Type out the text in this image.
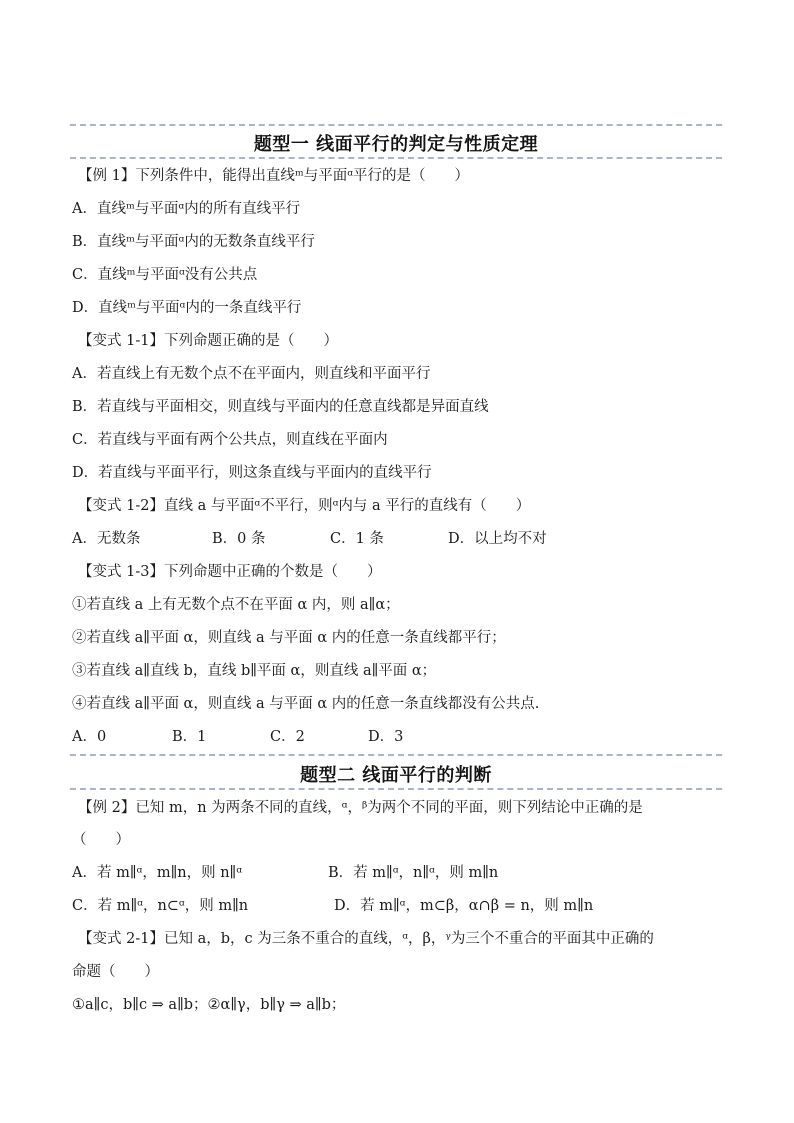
题型一 线面平行的判定与性质定理
【例 1】下列条件中，能得出直线ᵐ与平面ᵅ平行的是（　　）
A．直线ᵐ与平面ᵅ内的所有直线平行
B．直线ᵐ与平面ᵅ内的无数条直线平行
C．直线ᵐ与平面ᵅ没有公共点
D．直线ᵐ与平面ᵅ内的一条直线平行
【变式 1-1】下列命题正确的是（　　）
A．若直线上有无数个点不在平面内，则直线和平面平行
B．若直线与平面相交，则直线与平面内的任意直线都是异面直线
C．若直线与平面有两个公共点，则直线在平面内
D．若直线与平面平行，则这条直线与平面内的直线平行
【变式 1-2】直线 a 与平面ᵅ不平行，则ᵅ内与 a 平行的直线有（　　）
A．无数条	B．0 条	C．1 条	D．以上均不对
【变式 1-3】下列命题中正确的个数是（　　）
①若直线 a 上有无数个点不在平面 α 内，则 a∥α；
②若直线 a∥平面 α，则直线 a 与平面 α 内的任意一条直线都平行；
③若直线 a∥直线 b，直线 b∥平面 α，则直线 a∥平面 α；
④若直线 a∥平面 α，则直线 a 与平面 α 内的任意一条直线都没有公共点.
A．0	B．1	C．2	D．3
题型二 线面平行的判断
【例 2】已知 m，n 为两条不同的直线，ᵅ，ᵝ为两个不同的平面，则下列结论中正确的是
（　　）
A．若 m∥ᵅ，m∥n，则 n∥ᵅ	B．若 m∥ᵅ，n∥ᵅ，则 m∥n
C．若 m∥ᵅ，n⊂ᵅ，则 m∥n	D．若 m∥ᵅ，m⊂β，α∩β = n，则 m∥n
【变式 2-1】已知 a，b，c 为三条不重合的直线，ᵅ，β，ᵞ为三个不重合的平面其中正确的
命题（　　）
①a∥c，b∥c ⇒ a∥b；②α∥γ，b∥γ ⇒ a∥b；
